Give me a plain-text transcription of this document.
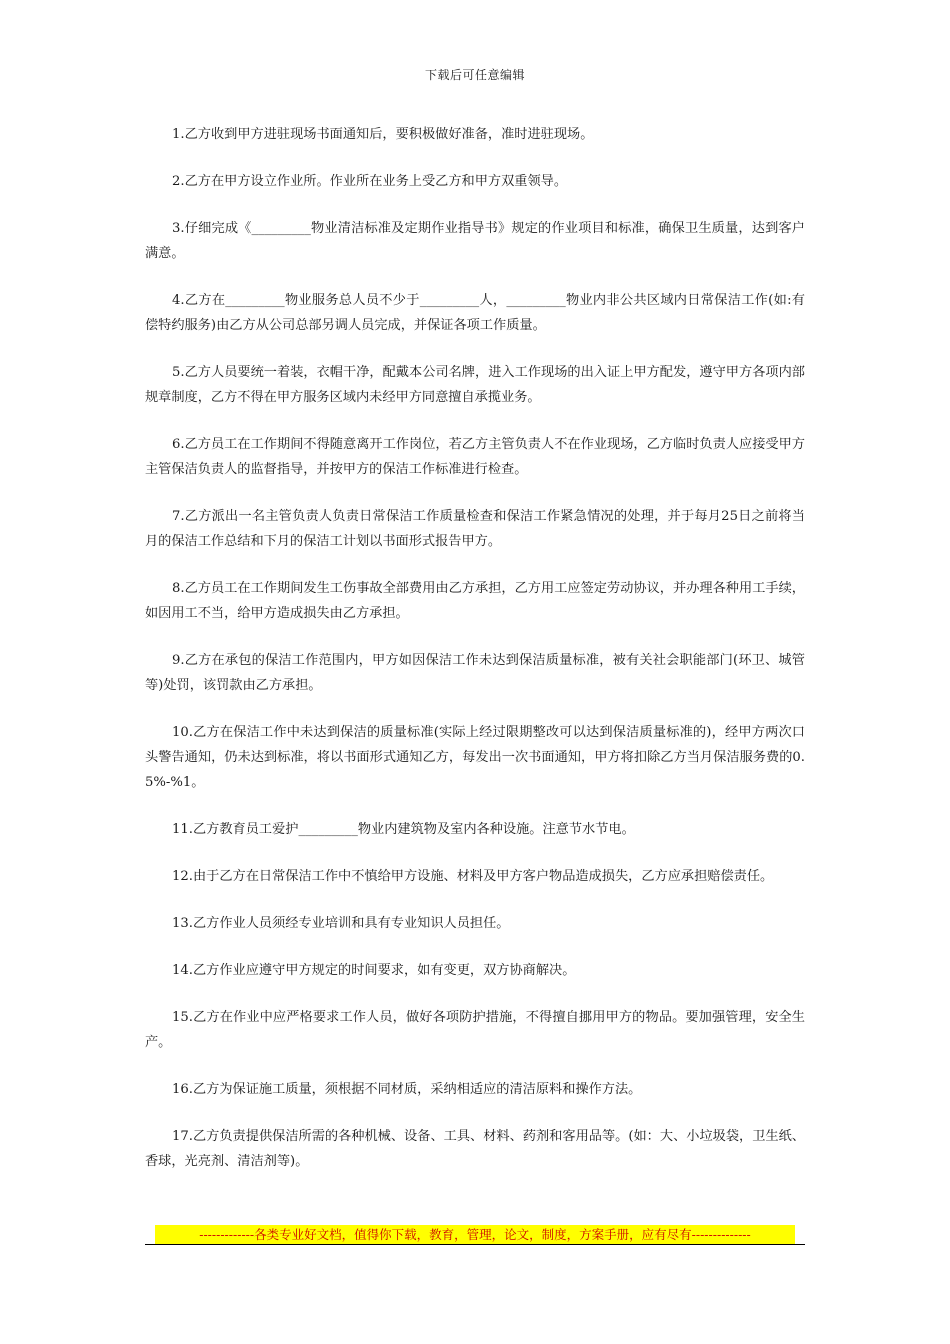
下载后可任意编辑

1.乙方收到甲方进驻现场书面通知后，要积极做好准备，准时进驻现场。

2.乙方在甲方设立作业所。作业所在业务上受乙方和甲方双重领导。

3.仔细完成《_________物业清洁标准及定期作业指导书》规定的作业项目和标准，确保卫生质量，达到客户满意。

4.乙方在_________物业服务总人员不少于_________人，_________物业内非公共区域内日常保洁工作(如:有偿特约服务)由乙方从公司总部另调人员完成，并保证各项工作质量。

5.乙方人员要统一着装，衣帽干净，配戴本公司名牌，进入工作现场的出入证上甲方配发，遵守甲方各项内部规章制度，乙方不得在甲方服务区域内未经甲方同意擅自承揽业务。

6.乙方员工在工作期间不得随意离开工作岗位，若乙方主管负责人不在作业现场，乙方临时负责人应接受甲方主管保洁负责人的监督指导，并按甲方的保洁工作标准进行检查。

7.乙方派出一名主管负责人负责日常保洁工作质量检查和保洁工作紧急情况的处理，并于每月25日之前将当月的保洁工作总结和下月的保洁工计划以书面形式报告甲方。

8.乙方员工在工作期间发生工伤事故全部费用由乙方承担，乙方用工应签定劳动协议，并办理各种用工手续，如因用工不当，给甲方造成损失由乙方承担。

9.乙方在承包的保洁工作范围内，甲方如因保洁工作未达到保洁质量标准，被有关社会职能部门(环卫、城管等)处罚，该罚款由乙方承担。

10.乙方在保洁工作中未达到保洁的质量标准(实际上经过限期整改可以达到保洁质量标准的)，经甲方两次口头警告通知，仍未达到标准，将以书面形式通知乙方，每发出一次书面通知，甲方将扣除乙方当月保洁服务费的0.5%-%1。

11.乙方教育员工爱护_________物业内建筑物及室内各种设施。注意节水节电。

12.由于乙方在日常保洁工作中不慎给甲方设施、材料及甲方客户物品造成损失，乙方应承担赔偿责任。

13.乙方作业人员须经专业培训和具有专业知识人员担任。

14.乙方作业应遵守甲方规定的时间要求，如有变更，双方协商解决。

15.乙方在作业中应严格要求工作人员，做好各项防护措施，不得擅自挪用甲方的物品。要加强管理，安全生产。

16.乙方为保证施工质量，须根据不同材质，采纳相适应的清洁原料和操作方法。

17.乙方负责提供保洁所需的各种机械、设备、工具、材料、药剂和客用品等。(如：大、小垃圾袋，卫生纸、香球，光亮剂、清洁剂等)。

-------------各类专业好文档，值得你下载，教育，管理，论文，制度，方案手册，应有尽有--------------
